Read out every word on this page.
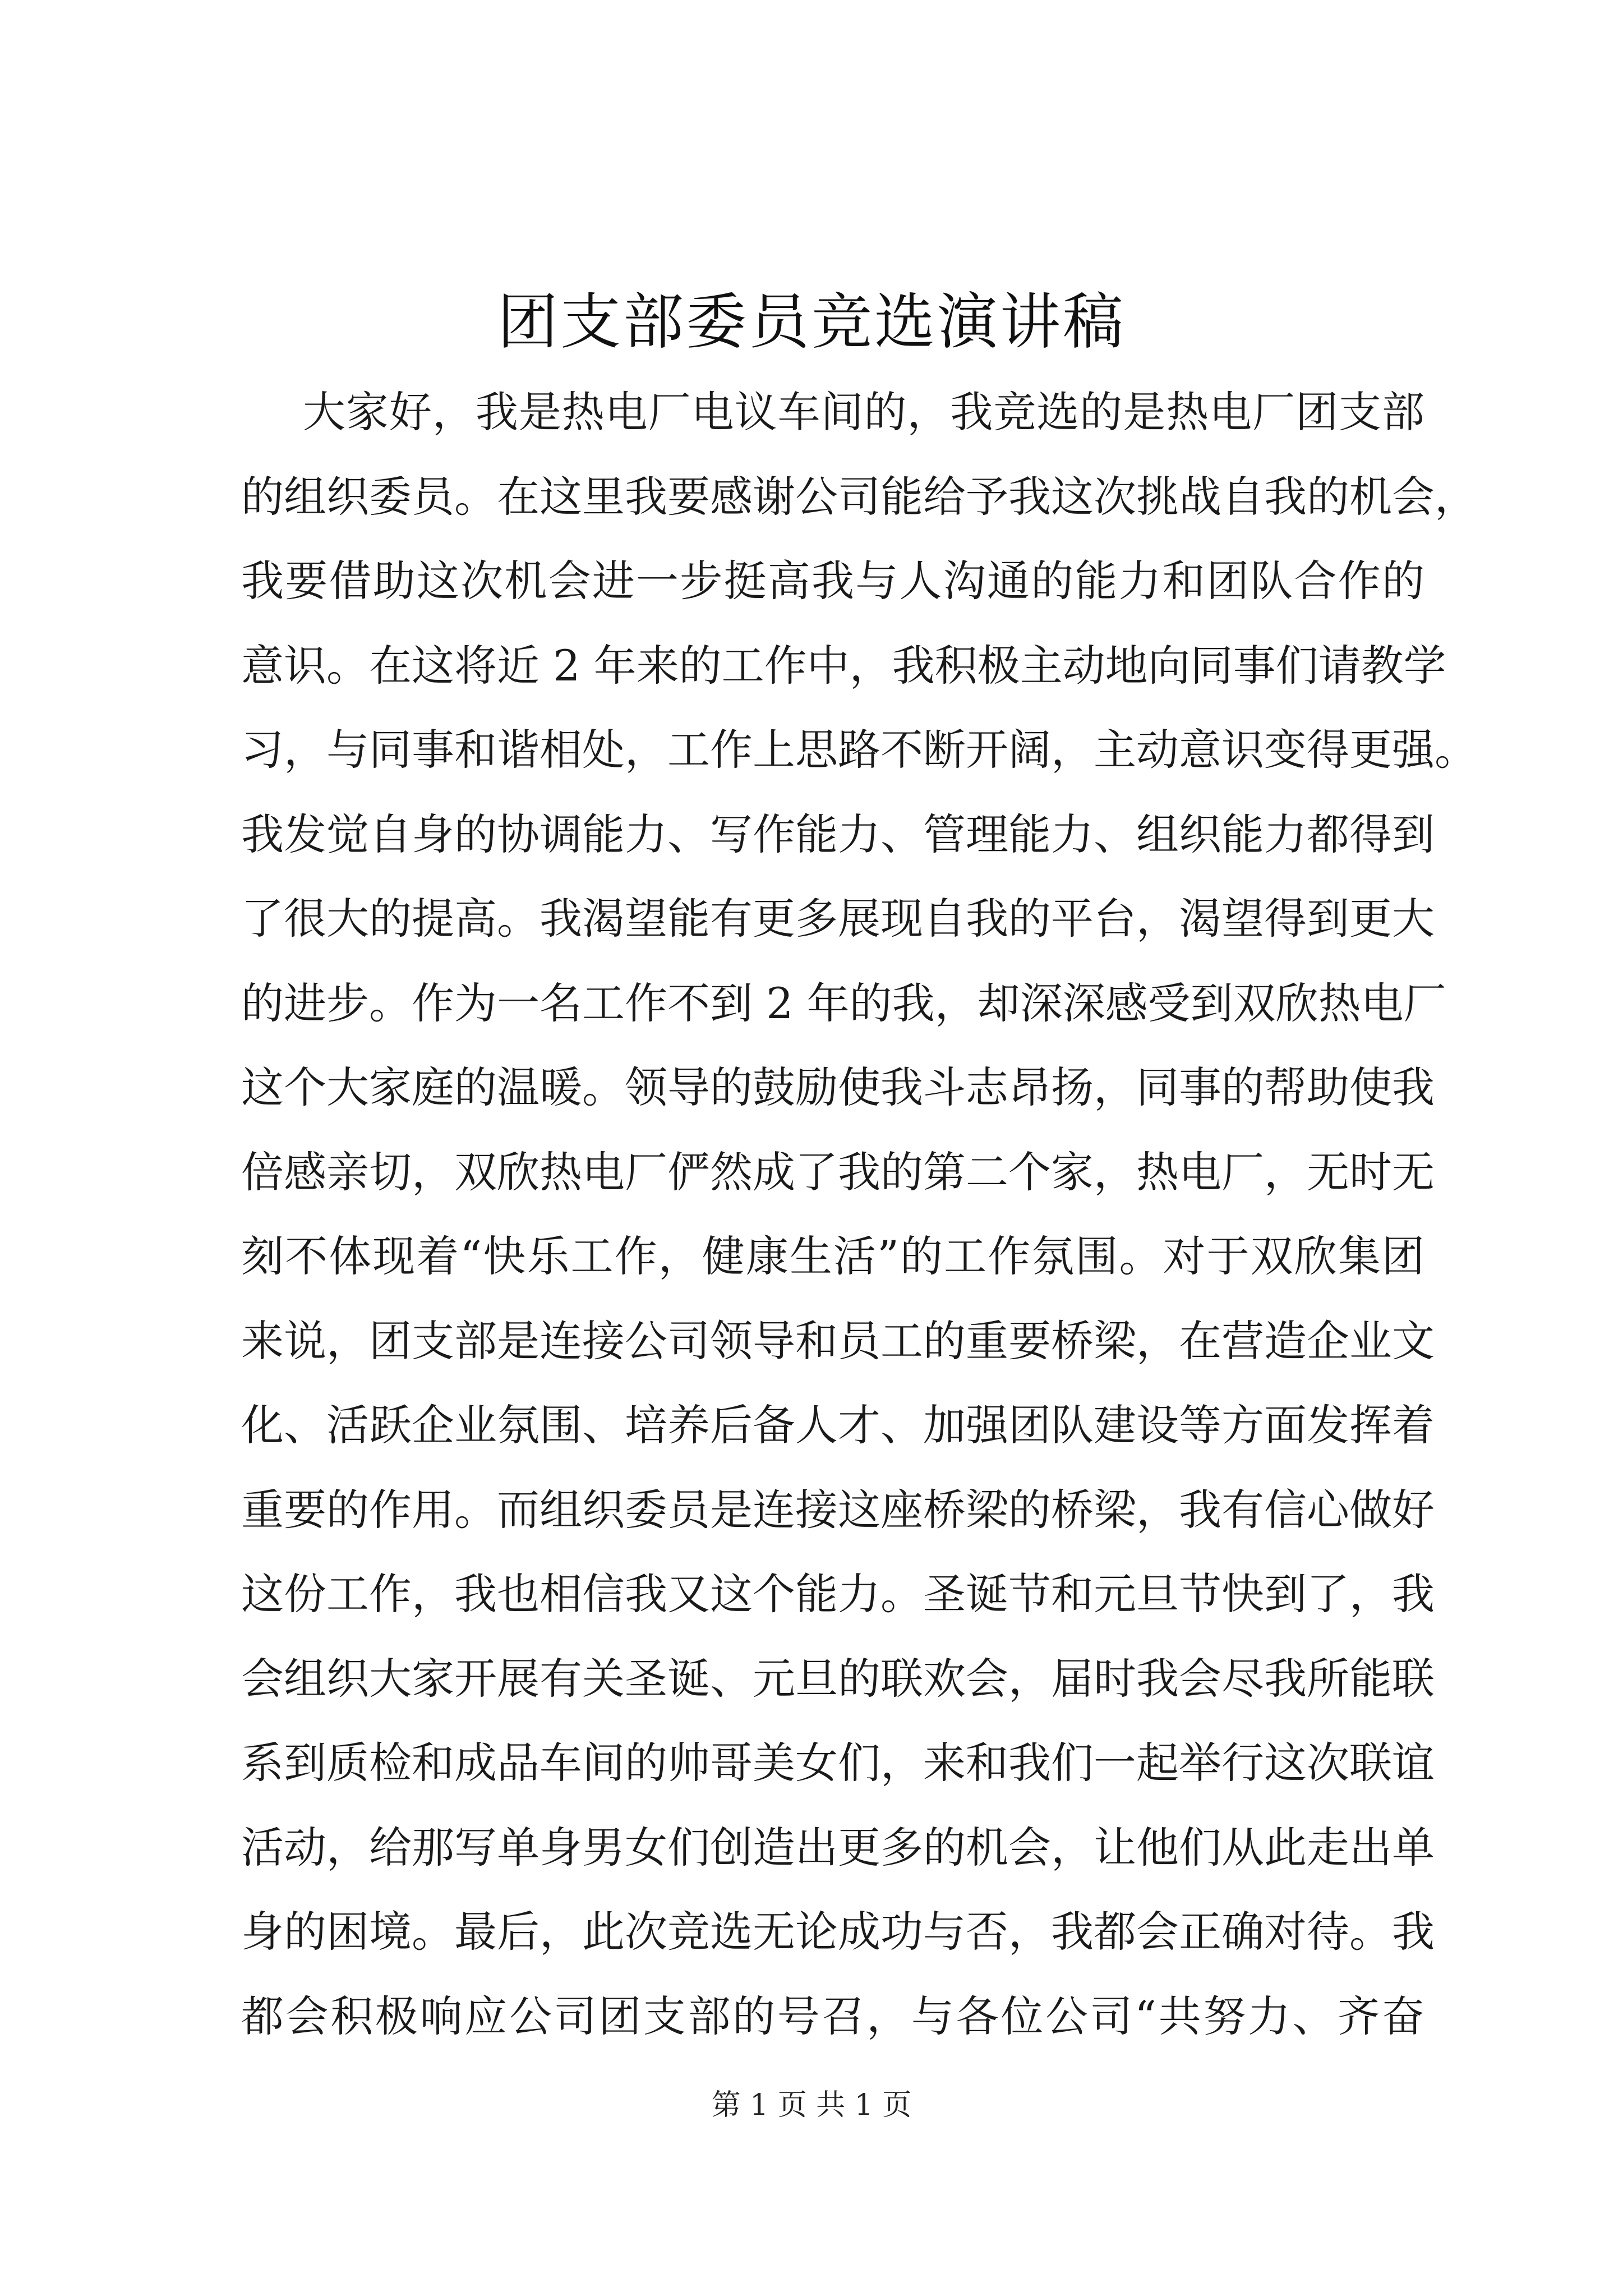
团支部委员竞选演讲稿
大家好，我是热电厂电议车间的，我竞选的是热电厂团支部
的组织委员。在这里我要感谢公司能给予我这次挑战自我的机会，
我要借助这次机会进一步挺高我与人沟通的能力和团队合作的
意识。在这将近 2 年来的工作中，我积极主动地向同事们请教学
习，与同事和谐相处，工作上思路不断开阔，主动意识变得更强。
我发觉自身的协调能力、写作能力、管理能力、组织能力都得到
了很大的提高。我渴望能有更多展现自我的平台，渴望得到更大
的进步。作为一名工作不到 2 年的我，却深深感受到双欣热电厂
这个大家庭的温暖。领导的鼓励使我斗志昂扬，同事的帮助使我
倍感亲切，双欣热电厂俨然成了我的第二个家，热电厂，无时无
刻不体现着“快乐工作，健康生活”的工作氛围。对于双欣集团
来说，团支部是连接公司领导和员工的重要桥梁，在营造企业文
化、活跃企业氛围、培养后备人才、加强团队建设等方面发挥着
重要的作用。而组织委员是连接这座桥梁的桥梁，我有信心做好
这份工作，我也相信我又这个能力。圣诞节和元旦节快到了，我
会组织大家开展有关圣诞、元旦的联欢会，届时我会尽我所能联
系到质检和成品车间的帅哥美女们，来和我们一起举行这次联谊
活动，给那写单身男女们创造出更多的机会，让他们从此走出单
身的困境。最后，此次竞选无论成功与否，我都会正确对待。我
都会积极响应公司团支部的号召，与各位公司“共努力、齐奋
第 1 页 共 1 页
